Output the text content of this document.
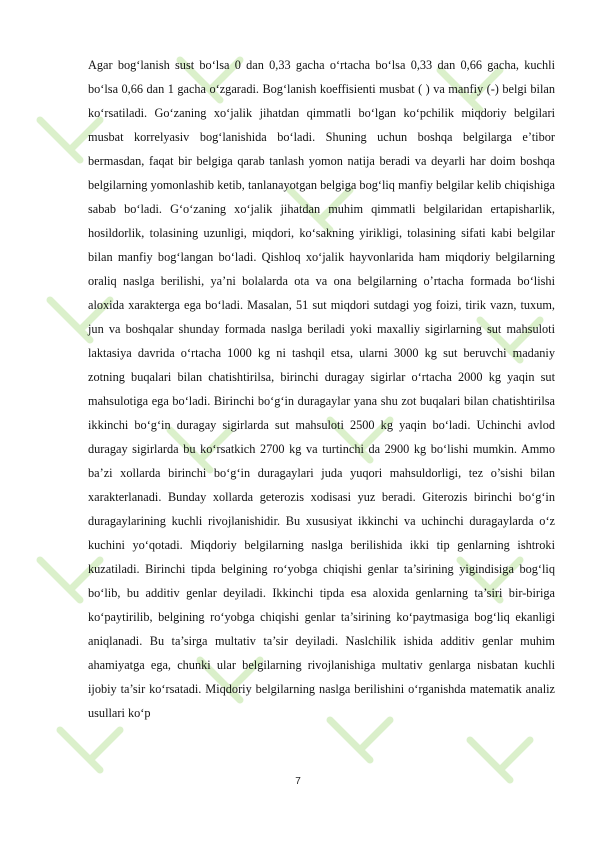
Agar bog‘lanish sust bo‘lsa 0 dan 0,33 gacha o‘rtacha bo‘lsa 0,33 dan 0,66 gacha, kuchli bo‘lsa 0,66 dan 1 gacha o‘zgaradi. Bog‘lanish koeffisienti musbat ( ) va manfiy (-) belgi bilan ko‘rsatiladi. Go‘zaning xo‘jalik jihatdan qimmatli bo‘lgan ko‘pchilik miqdoriy belgilari musbat korrelyasiv bog‘lanishida bo‘ladi. Shuning uchun boshqa belgilarga e’tibor bermasdan, faqat bir belgiga qarab tanlash yomon natija beradi va deyarli har doim boshqa belgilarning yomonlashib ketib, tanlanayotgan belgiga bog‘liq manfiy belgilar kelib chiqishiga sabab bo‘ladi. G‘o‘zaning xo‘jalik jihatdan muhim qimmatli belgilaridan ertapisharlik, hosildorlik, tolasining uzunligi, miqdori, ko‘sakning yirikligi, tolasining sifati kabi belgilar bilan manfiy bog‘langan bo‘ladi. Qishloq xo‘jalik hayvonlarida ham miqdoriy belgilarning oraliq naslga berilishi, ya’ni bolalarda ota va ona belgilarning o’rtacha formada bo‘lishi aloxida xarakterga ega bo‘ladi. Masalan, 51 sut miqdori sutdagi yog foizi, tirik vazn, tuxum, jun va boshqalar shunday formada naslga beriladi yoki maxalliy sigirlarning sut mahsuloti laktasiya davrida o‘rtacha 1000 kg ni tashqil etsa, ularni 3000 kg sut beruvchi madaniy zotning buqalari bilan chatishtirilsa, birinchi duragay sigirlar o‘rtacha 2000 kg yaqin sut mahsulotiga ega bo‘ladi. Birinchi bo‘g‘in duragaylar yana shu zot buqalari bilan chatishtirilsa ikkinchi bo‘g‘in duragay sigirlarda sut mahsuloti 2500 kg yaqin bo‘ladi. Uchinchi avlod duragay sigirlarda bu ko‘rsatkich 2700 kg va turtinchi da 2900 kg bo‘lishi mumkin. Ammo ba’zi xollarda birinchi bo‘g‘in duragaylari juda yuqori mahsuldorligi, tez o’sishi bilan xarakterlanadi. Bunday xollarda geterozis xodisasi yuz beradi. Giterozis birinchi bo‘g‘in duragaylarining kuchli rivojlanishidir. Bu xususiyat ikkinchi va uchinchi duragaylarda o‘z kuchini yo‘qotadi. Miqdoriy belgilarning naslga berilishida ikki tip genlarning ishtroki kuzatiladi. Birinchi tipda belgining ro‘yobga chiqishi genlar ta’sirining yigindisiga bog‘liq bo‘lib, bu additiv genlar deyiladi. Ikkinchi tipda esa aloxida genlarning ta’siri bir-biriga ko‘paytirilib, belgining ro‘yobga chiqishi genlar ta’sirining ko‘paytmasiga bog‘liq ekanligi aniqlanadi. Bu ta’sirga multativ ta’sir deyiladi. Naslchilik ishida additiv genlar muhim ahamiyatga ega, chunki ular belgilarning rivojlanishiga multativ genlarga nisbatan kuchli ijobiy ta’sir ko‘rsatadi. Miqdoriy belgilarning naslga berilishini o‘rganishda matematik analiz usullari ko‘p

7
